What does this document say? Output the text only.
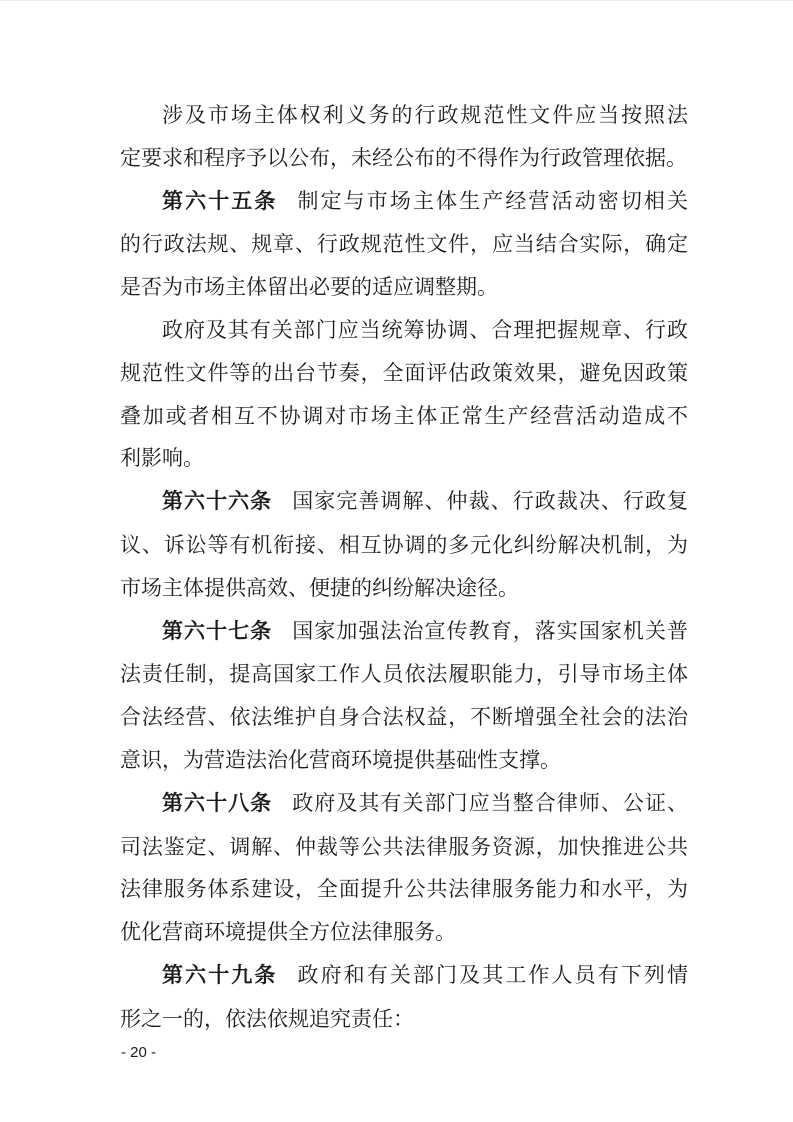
涉及市场主体权利义务的行政规范性文件应当按照法
定要求和程序予以公布，未经公布的不得作为行政管理依据。
第六十五条 制定与市场主体生产经营活动密切相关
的行政法规、规章、行政规范性文件，应当结合实际，确定
是否为市场主体留出必要的适应调整期。
政府及其有关部门应当统筹协调、合理把握规章、行政
规范性文件等的出台节奏，全面评估政策效果，避免因政策
叠加或者相互不协调对市场主体正常生产经营活动造成不
利影响。
第六十六条 国家完善调解、仲裁、行政裁决、行政复
议、诉讼等有机衔接、相互协调的多元化纠纷解决机制，为
市场主体提供高效、便捷的纠纷解决途径。
第六十七条 国家加强法治宣传教育，落实国家机关普
法责任制，提高国家工作人员依法履职能力，引导市场主体
合法经营、依法维护自身合法权益，不断增强全社会的法治
意识，为营造法治化营商环境提供基础性支撑。
第六十八条 政府及其有关部门应当整合律师、公证、
司法鉴定、调解、仲裁等公共法律服务资源，加快推进公共
法律服务体系建设，全面提升公共法律服务能力和水平，为
优化营商环境提供全方位法律服务。
第六十九条 政府和有关部门及其工作人员有下列情
形之一的，依法依规追究责任：
- 20 -
